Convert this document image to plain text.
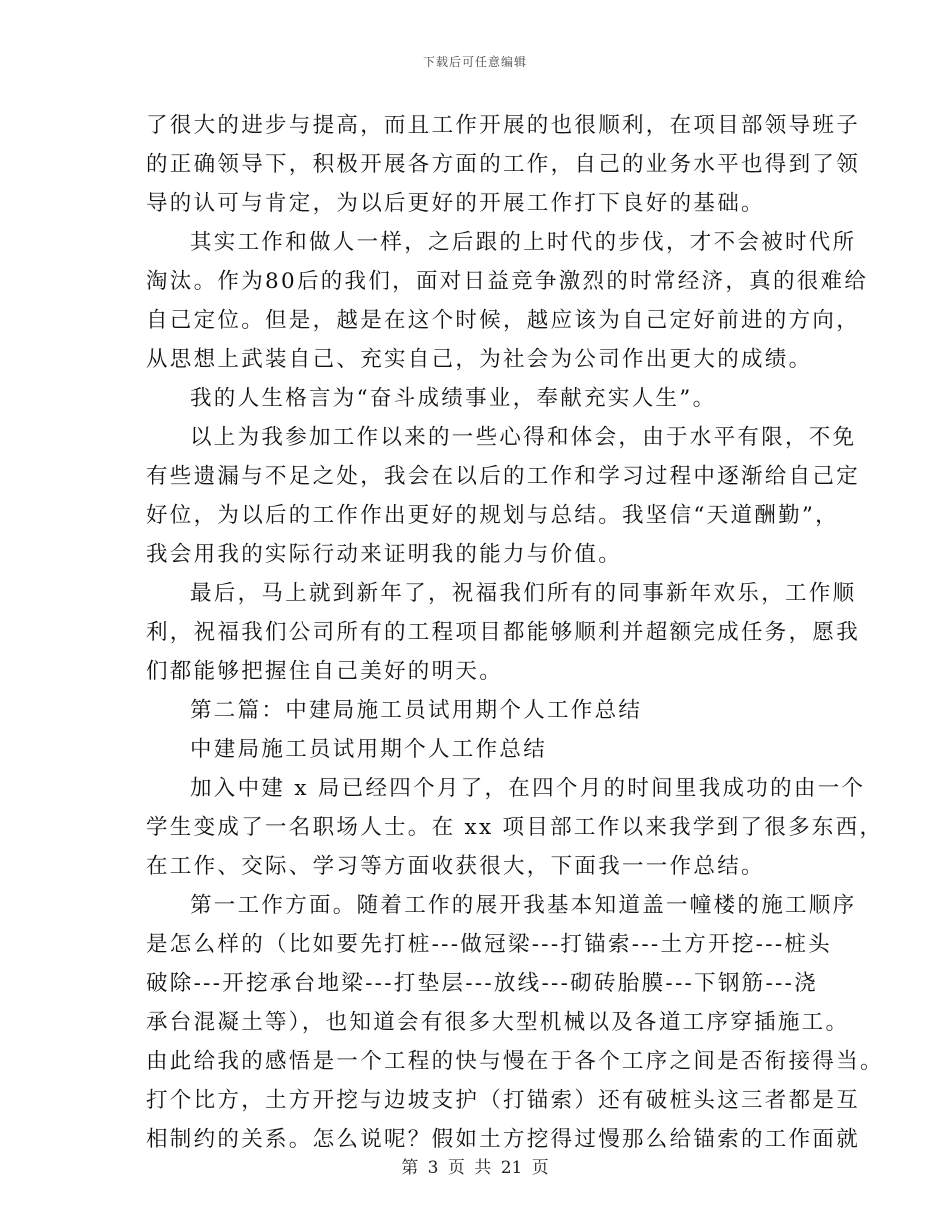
下载后可任意编辑
了很大的进步与提高，而且工作开展的也很顺利，在项目部领导班子
的正确领导下，积极开展各方面的工作，自己的业务水平也得到了领
导的认可与肯定，为以后更好的开展工作打下良好的基础。
其实工作和做人一样，之后跟的上时代的步伐，才不会被时代所
淘汰。作为80后的我们，面对日益竞争激烈的时常经济，真的很难给
自己定位。但是，越是在这个时候，越应该为自己定好前进的方向，
从思想上武装自己、充实自己，为社会为公司作出更大的成绩。
我的人生格言为“奋斗成绩事业，奉献充实人生”。
以上为我参加工作以来的一些心得和体会，由于水平有限，不免
有些遗漏与不足之处，我会在以后的工作和学习过程中逐渐给自己定
好位，为以后的工作作出更好的规划与总结。我坚信“天道酬勤”，
我会用我的实际行动来证明我的能力与价值。
最后，马上就到新年了，祝福我们所有的同事新年欢乐，工作顺
利，祝福我们公司所有的工程项目都能够顺利并超额完成任务，愿我
们都能够把握住自己美好的明天。
第二篇：中建局施工员试用期个人工作总结
中建局施工员试用期个人工作总结
加入中建 x 局已经四个月了，在四个月的时间里我成功的由一个
学生变成了一名职场人士。在 xx 项目部工作以来我学到了很多东西，
在工作、交际、学习等方面收获很大，下面我一一作总结。
第一工作方面。随着工作的展开我基本知道盖一幢楼的施工顺序
是怎么样的（比如要先打桩---做冠梁---打锚索---土方开挖---桩头
破除---开挖承台地梁---打垫层---放线---砌砖胎膜---下钢筋---浇
承台混凝土等），也知道会有很多大型机械以及各道工序穿插施工。
由此给我的感悟是一个工程的快与慢在于各个工序之间是否衔接得当。
打个比方，土方开挖与边坡支护（打锚索）还有破桩头这三者都是互
相制约的关系。怎么说呢？假如土方挖得过慢那么给锚索的工作面就
第 3 页 共 21 页
